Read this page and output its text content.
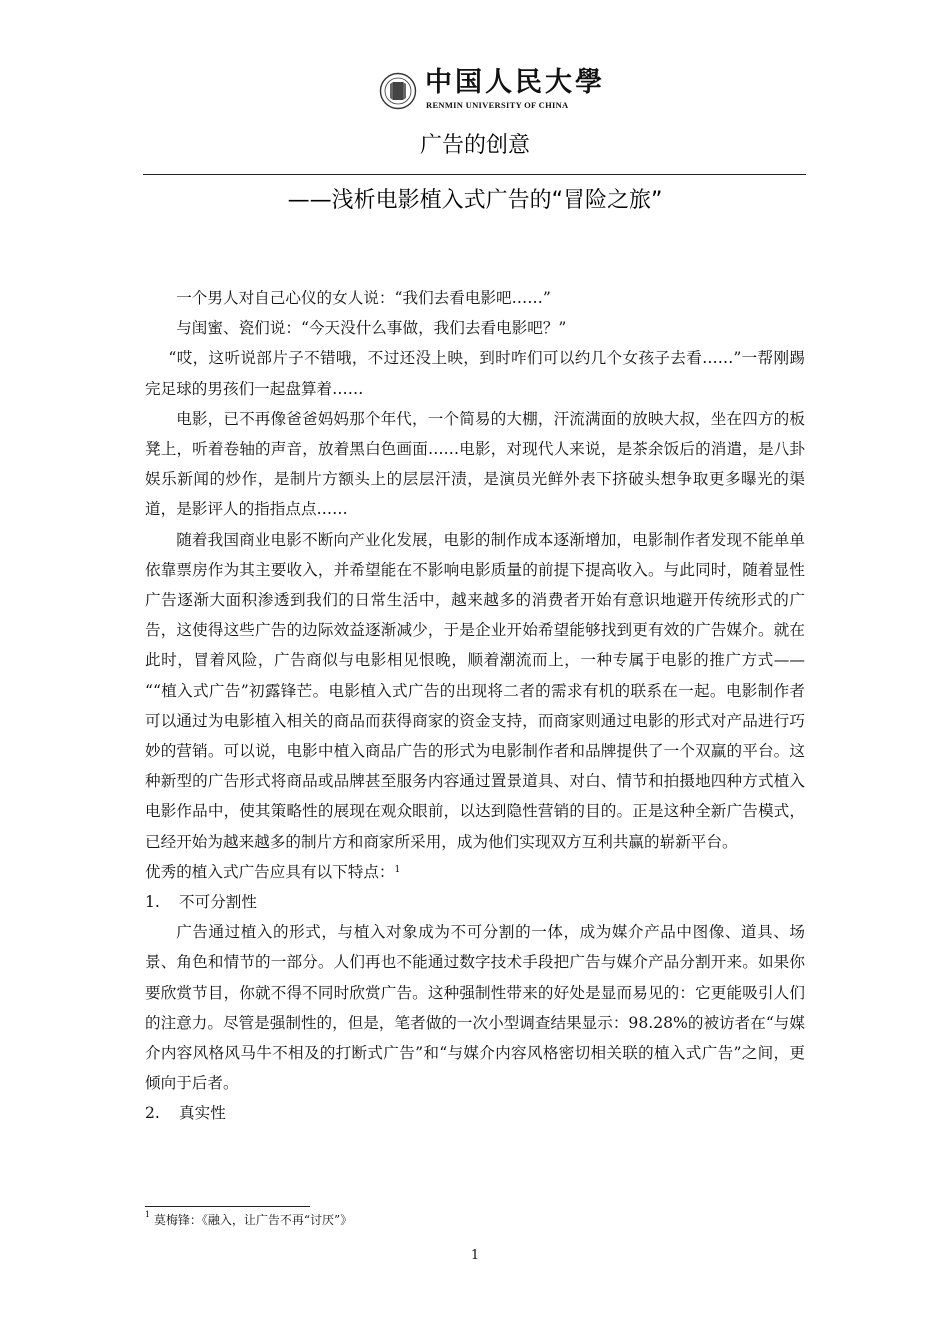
中国人民大學
RENMIN UNIVERSITY OF CHINA
广告的创意
——浅析电影植入式广告的“冒险之旅”

一个男人对自己心仪的女人说：“我们去看电影吧……”

与闺蜜、瓷们说：“今天没什么事做，我们去看电影吧？”

“哎，这听说部片子不错哦，不过还没上映，到时咋们可以约几个女孩子去看……”一帮刚踢完足球的男孩们一起盘算着……

电影，已不再像爸爸妈妈那个年代，一个简易的大棚，汗流满面的放映大叔，坐在四方的板凳上，听着卷轴的声音，放着黑白色画面……电影，对现代人来说，是茶余饭后的消遣，是八卦娱乐新闻的炒作，是制片方额头上的层层汗渍，是演员光鲜外表下挤破头想争取更多曝光的渠道，是影评人的指指点点……

随着我国商业电影不断向产业化发展，电影的制作成本逐渐增加，电影制作者发现不能单单依靠票房作为其主要收入，并希望能在不影响电影质量的前提下提高收入。与此同时，随着显性广告逐渐大面积渗透到我们的日常生活中，越来越多的消费者开始有意识地避开传统形式的广告，这使得这些广告的边际效益逐渐减少，于是企业开始希望能够找到更有效的广告媒介。就在此时，冒着风险，广告商似与电影相见恨晚，顺着潮流而上，一种专属于电影的推广方式—— ““植入式广告”初露锋芒。电影植入式广告的出现将二者的需求有机的联系在一起。电影制作者可以通过为电影植入相关的商品而获得商家的资金支持，而商家则通过电影的形式对产品进行巧妙的营销。可以说，电影中植入商品广告的形式为电影制作者和品牌提供了一个双赢的平台。这种新型的广告形式将商品或品牌甚至服务内容通过置景道具、对白、情节和拍摄地四种方式植入电影作品中，使其策略性的展现在观众眼前，以达到隐性营销的目的。正是这种全新广告模式，已经开始为越来越多的制片方和商家所采用，成为他们实现双方互利共赢的崭新平台。

优秀的植入式广告应具有以下特点：$^1$

1.	不可分割性

广告通过植入的形式，与植入对象成为不可分割的一体，成为媒介产品中图像、道具、场景、角色和情节的一部分。人们再也不能通过数字技术手段把广告与媒介产品分割开来。如果你要欣赏节目，你就不得不同时欣赏广告。这种强制性带来的好处是显而易见的：它更能吸引人们的注意力。尽管是强制性的，但是，笔者做的一次小型调查结果显示：98.28%的被访者在“与媒介内容风格风马牛不相及的打断式广告”和“与媒介内容风格密切相关联的植入式广告”之间，更倾向于后者。

2.	真实性
$^1$ 莫梅锋：《融入，让广告不再“讨厌”》
1
